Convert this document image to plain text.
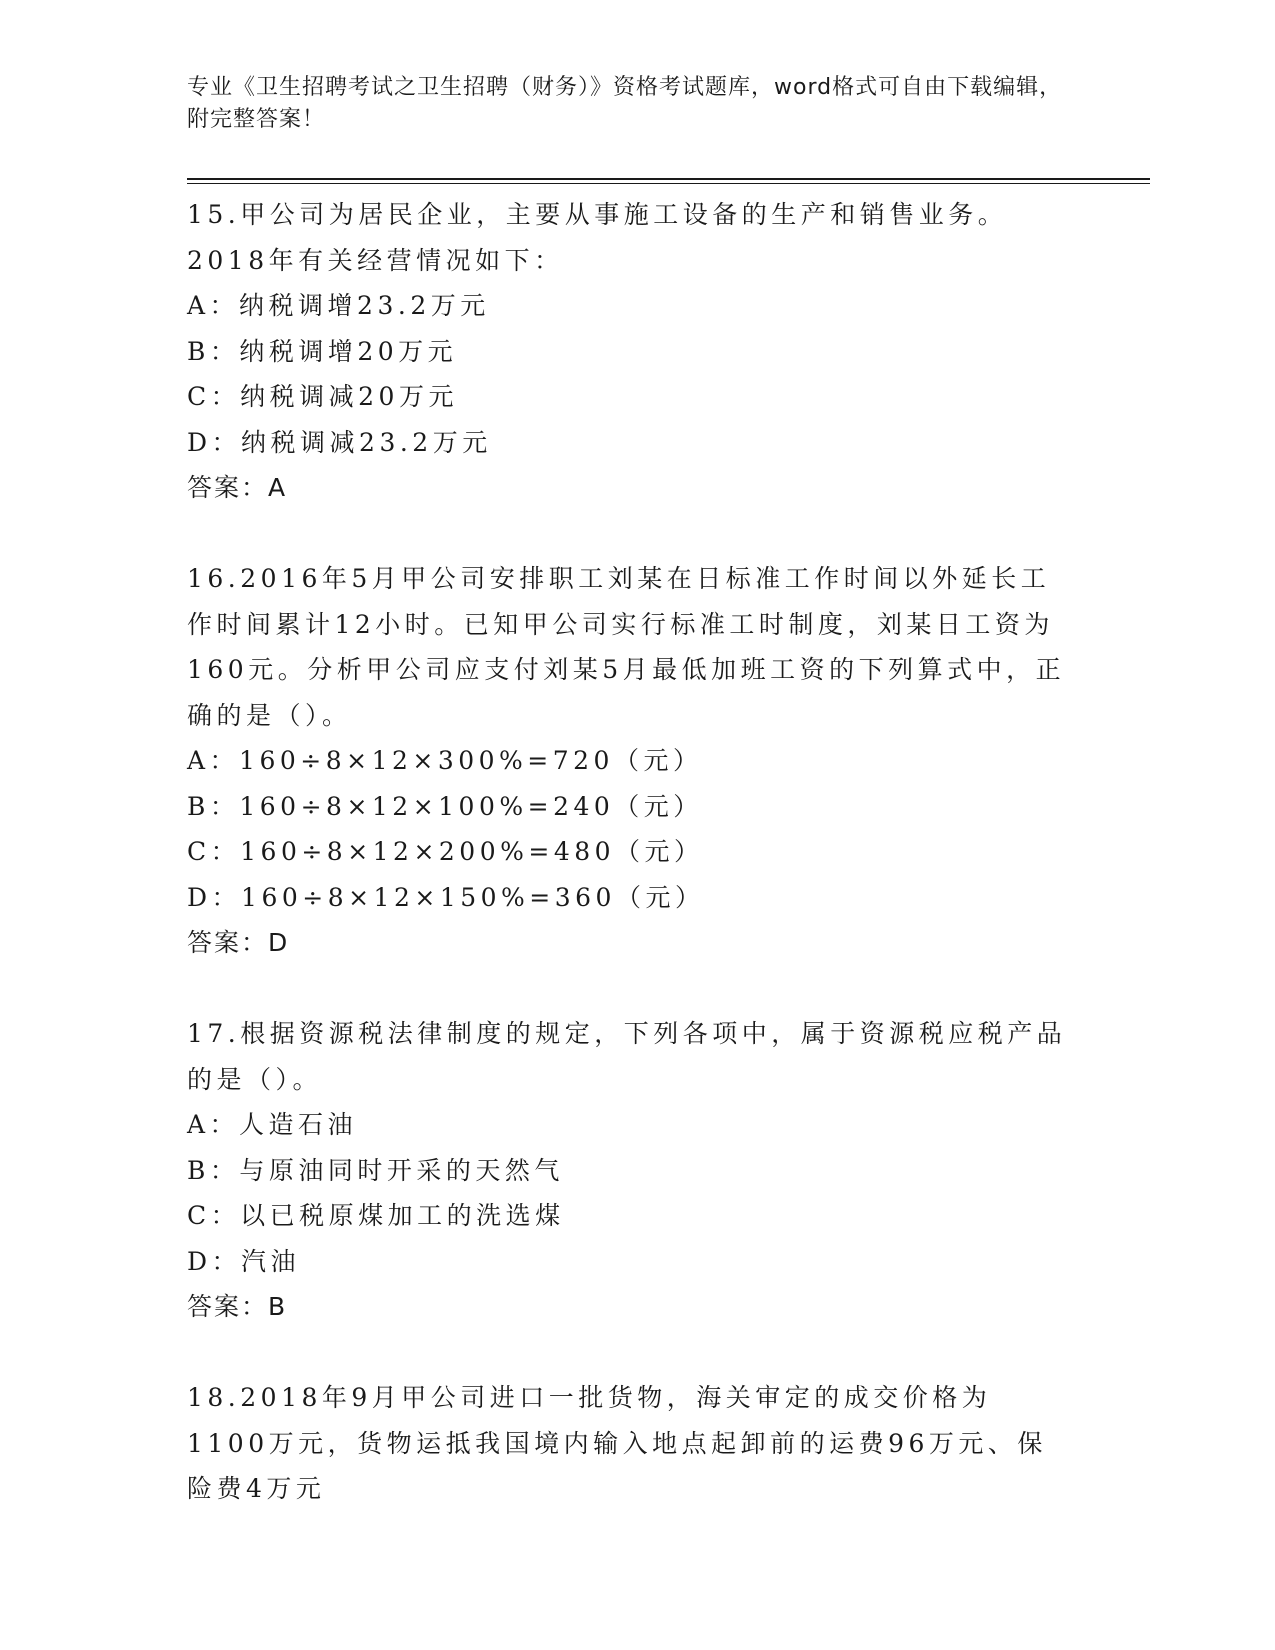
专业《卫生招聘考试之卫生招聘（财务）》资格考试题库，word格式可自由下载编辑，附完整答案！

15.甲公司为居民企业，主要从事施工设备的生产和销售业务。2018年有关经营情况如下：

A：纳税调增23.2万元

B：纳税调增20万元

C：纳税调减20万元

D：纳税调减23.2万元

答案：A

16.2016年5月甲公司安排职工刘某在日标准工作时间以外延长工作时间累计12小时。已知甲公司实行标准工时制度，刘某日工资为160元。分析甲公司应支付刘某5月最低加班工资的下列算式中，正确的是（）。

A：160÷8×12×300%=720（元）

B：160÷8×12×100%=240（元）

C：160÷8×12×200%=480（元）

D：160÷8×12×150%=360（元）

答案：D

17.根据资源税法律制度的规定，下列各项中，属于资源税应税产品的是（）。

A：人造石油

B：与原油同时开采的天然气

C：以已税原煤加工的洗选煤

D：汽油

答案：B

18.2018年9月甲公司进口一批货物，海关审定的成交价格为1100万元，货物运抵我国境内输入地点起卸前的运费96万元、保险费4万元
